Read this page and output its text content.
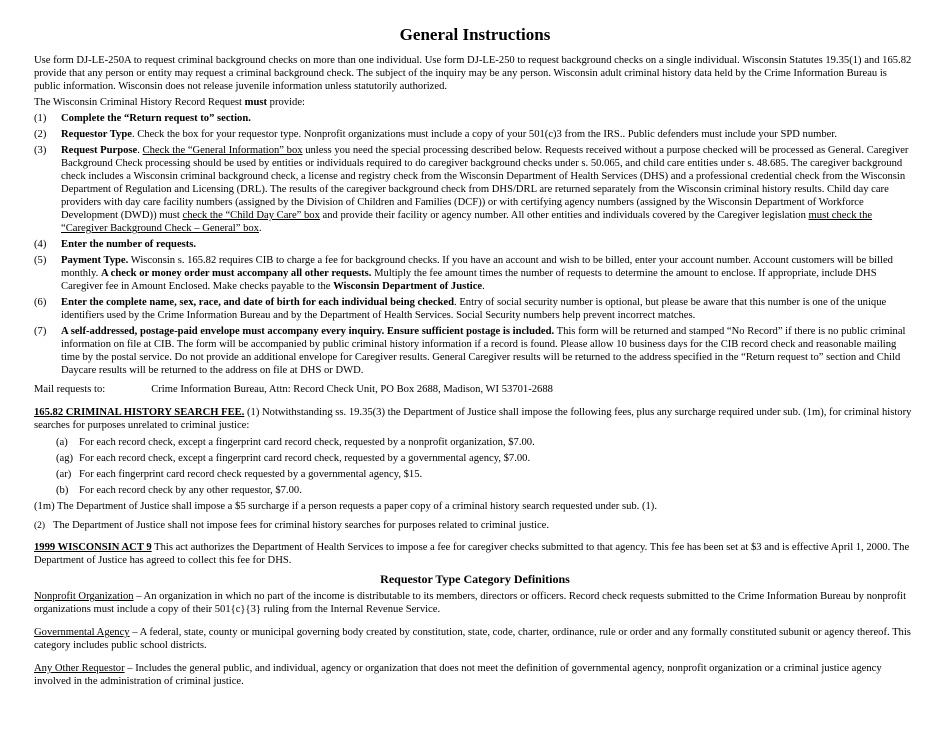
General Instructions

Use form DJ-LE-250A to request criminal background checks on more than one individual. Use form DJ-LE-250 to request background checks on a single individual. Wisconsin Statutes 19.35(1) and 165.82 provide that any person or entity may request a criminal background check. The subject of the inquiry may be any person. Wisconsin adult criminal history data held by the Crime Information Bureau is public information. Wisconsin does not release juvenile information unless statutorily authorized.

The Wisconsin Criminal History Record Request must provide:

(1) Complete the “Return request to” section.
(2) Requestor Type. Check the box for your requestor type. Nonprofit organizations must include a copy of your 501(c)3 from the IRS.. Public defenders must include your SPD number.
(3) Request Purpose. Check the “General Information” box unless you need the special processing described below. Requests received without a purpose checked will be processed as General. Caregiver Background Check processing should be used by entities or individuals required to do caregiver background checks under s. 50.065, and child care entities under s. 48.685. The caregiver background check includes a Wisconsin criminal background check, a license and registry check from the Wisconsin Department of Health Services (DHS) and a professional credential check from the Wisconsin Department of Regulation and Licensing (DRL). The results of the caregiver background check from DHS/DRL are returned separately from the Wisconsin criminal history results. Child day care providers with day care facility numbers (assigned by the Division of Children and Families (DCF)) or with certifying agency numbers (assigned by the Wisconsin Department of Workforce Development (DWD)) must check the “Child Day Care” box and provide their facility or agency number. All other entities and individuals covered by the Caregiver legislation must check the “Caregiver Background Check – General” box.
(4) Enter the number of requests.
(5) Payment Type. Wisconsin s. 165.82 requires CIB to charge a fee for background checks. If you have an account and wish to be billed, enter your account number. Account customers will be billed monthly. A check or money order must accompany all other requests. Multiply the fee amount times the number of requests to determine the amount to enclose. If appropriate, include DHS Caregiver fee in Amount Enclosed. Make checks payable to the Wisconsin Department of Justice.
(6) Enter the complete name, sex, race, and date of birth for each individual being checked. Entry of social security number is optional, but please be aware that this number is one of the unique identifiers used by the Crime Information Bureau and by the Department of Health Services. Social Security numbers help prevent incorrect matches.
(7) A self-addressed, postage-paid envelope must accompany every inquiry. Ensure sufficient postage is included. This form will be returned and stamped “No Record” if there is no public criminal information on file at CIB. The form will be accompanied by public criminal history information if a record is found. Please allow 10 business days for the CIB record check and reasonable mailing time by the postal service. Do not provide an additional envelope for Caregiver results. General Caregiver results will be returned to the address specified in the “Return request to” section and Child Daycare results will be returned to the address on file at DHS or DWD.

Mail requests to:	Crime Information Bureau, Attn: Record Check Unit, PO Box 2688, Madison, WI 53701-2688

165.82 CRIMINAL HISTORY SEARCH FEE. (1) Notwithstanding ss. 19.35(3) the Department of Justice shall impose the following fees, plus any surcharge required under sub. (1m), for criminal history searches for purposes unrelated to criminal justice:

(a) For each record check, except a fingerprint card record check, requested by a nonprofit organization, $7.00.
(ag) For each record check, except a fingerprint card record check, requested by a governmental agency, $7.00.
(ar) For each fingerprint card record check requested by a governmental agency, $15.
(b) For each record check by any other requestor, $7.00.

(1m) The Department of Justice shall impose a $5 surcharge if a person requests a paper copy of a criminal history search requested under sub. (1).

(2) The Department of Justice shall not impose fees for criminal history searches for purposes related to criminal justice.

1999 WISCONSIN ACT 9 This act authorizes the Department of Health Services to impose a fee for caregiver checks submitted to that agency. This fee has been set at $3 and is effective April 1, 2000. The Department of Justice has agreed to collect this fee for DHS.

Requestor Type Category Definitions

Nonprofit Organization – An organization in which no part of the income is distributable to its members, directors or officers. Record check requests submitted to the Crime Information Bureau by nonprofit organizations must include a copy of their 501{c}{3} ruling from the Internal Revenue Service.

Governmental Agency – A federal, state, county or municipal governing body created by constitution, state, code, charter, ordinance, rule or order and any formally constituted subunit or agency thereof. This category includes public school districts.

Any Other Requestor – Includes the general public, and individual, agency or organization that does not meet the definition of governmental agency, nonprofit organization or a criminal justice agency involved in the administration of criminal justice.
